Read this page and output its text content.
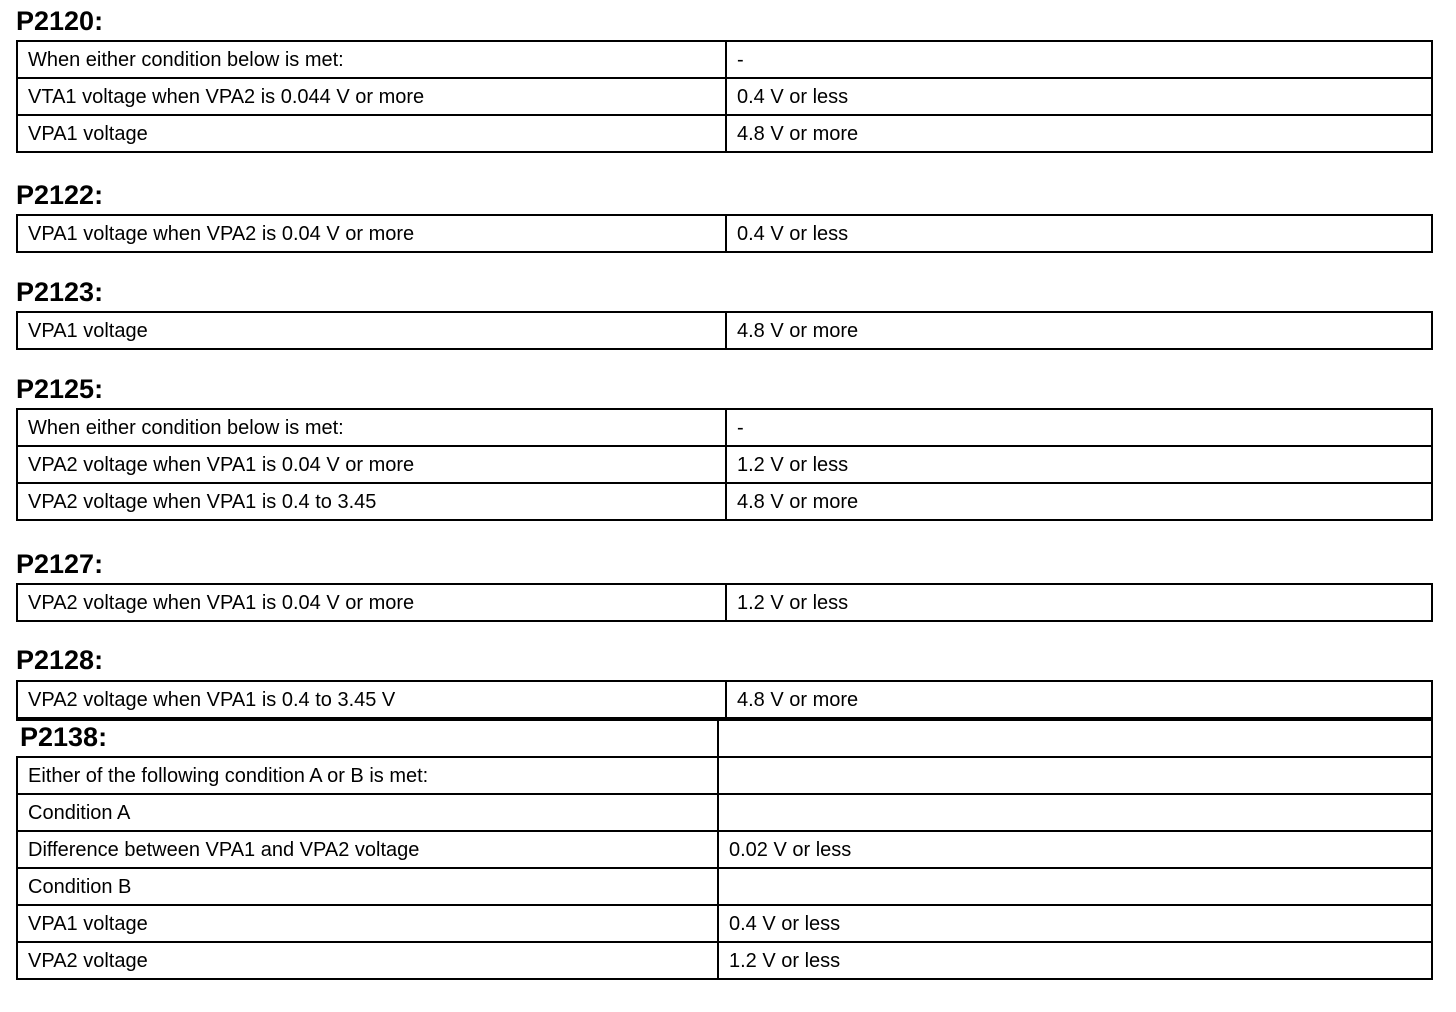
P2120:
When either condition below is met:	-
VTA1 voltage when VPA2 is 0.044 V or more	0.4 V or less
VPA1 voltage	4.8 V or more
P2122:
VPA1 voltage when VPA2 is 0.04 V or more	0.4 V or less
P2123:
VPA1 voltage	4.8 V or more
P2125:
When either condition below is met:	-
VPA2 voltage when VPA1 is 0.04 V or more	1.2 V or less
VPA2 voltage when VPA1 is 0.4 to 3.45	4.8 V or more
P2127:
VPA2 voltage when VPA1 is 0.04 V or more	1.2 V or less
P2128:
VPA2 voltage when VPA1 is 0.4 to 3.45 V	4.8 V or more
P2138:	
Either of the following condition A or B is met:	
Condition A	
Difference between VPA1 and VPA2 voltage	0.02 V or less
Condition B	
VPA1 voltage	0.4 V or less
VPA2 voltage	1.2 V or less
